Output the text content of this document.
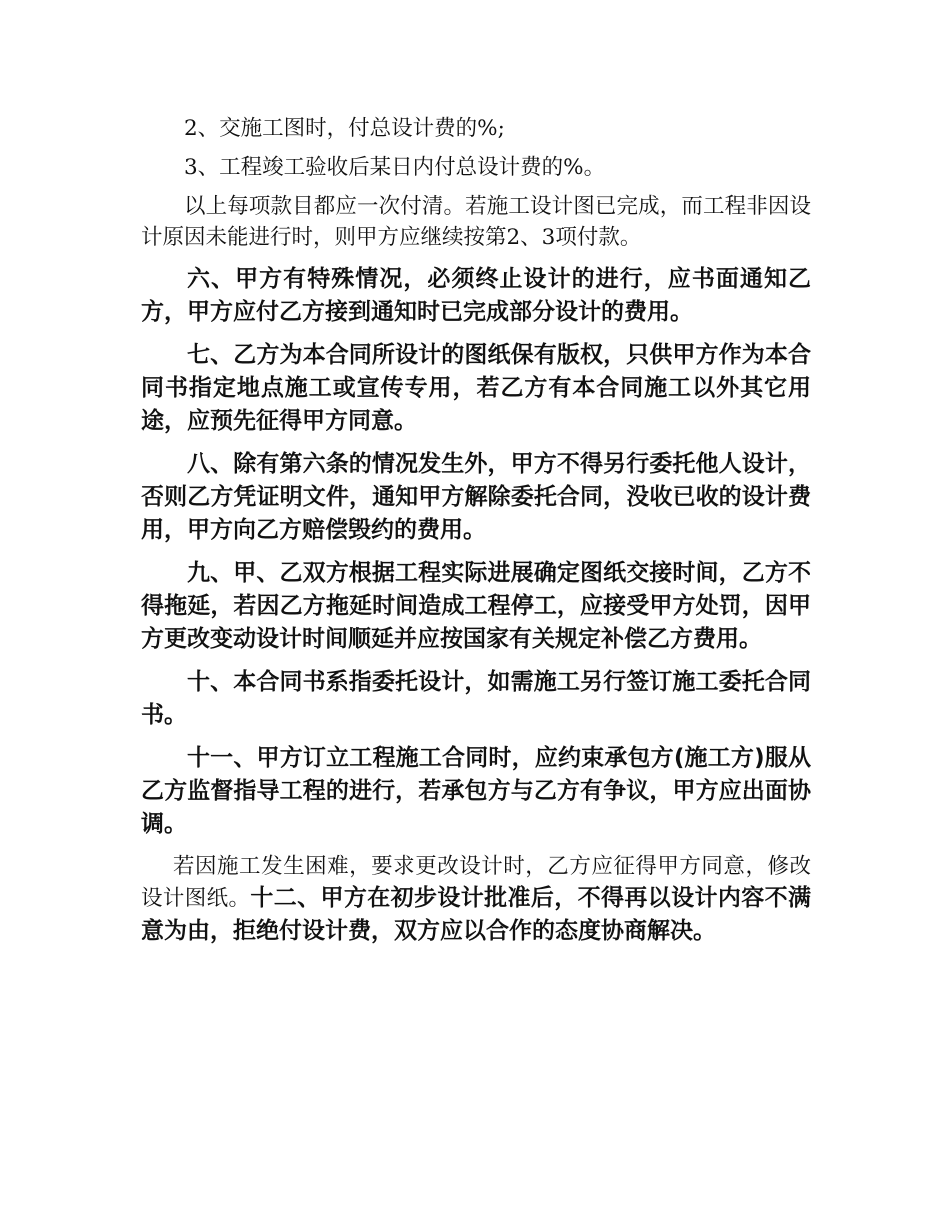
2、交施工图时，付总设计费的%;

3、工程竣工验收后某日内付总设计费的%。

以上每项款目都应一次付清。若施工设计图已完成，而工程非因设计原因未能进行时，则甲方应继续按第2、3项付款。

六、甲方有特殊情况，必须终止设计的进行，应书面通知乙方，甲方应付乙方接到通知时已完成部分设计的费用。

七、乙方为本合同所设计的图纸保有版权，只供甲方作为本合同书指定地点施工或宣传专用，若乙方有本合同施工以外其它用途，应预先征得甲方同意。

八、除有第六条的情况发生外，甲方不得另行委托他人设计，否则乙方凭证明文件，通知甲方解除委托合同，没收已收的设计费用，甲方向乙方赔偿毁约的费用。

九、甲、乙双方根据工程实际进展确定图纸交接时间，乙方不得拖延，若因乙方拖延时间造成工程停工，应接受甲方处罚，因甲方更改变动设计时间顺延并应按国家有关规定补偿乙方费用。

十、本合同书系指委托设计，如需施工另行签订施工委托合同书。

十一、甲方订立工程施工合同时，应约束承包方(施工方)服从乙方监督指导工程的进行，若承包方与乙方有争议，甲方应出面协调。

若因施工发生困难，要求更改设计时，乙方应征得甲方同意，修改设计图纸。十二、甲方在初步设计批准后，不得再以设计内容不满意为由，拒绝付设计费，双方应以合作的态度协商解决。
